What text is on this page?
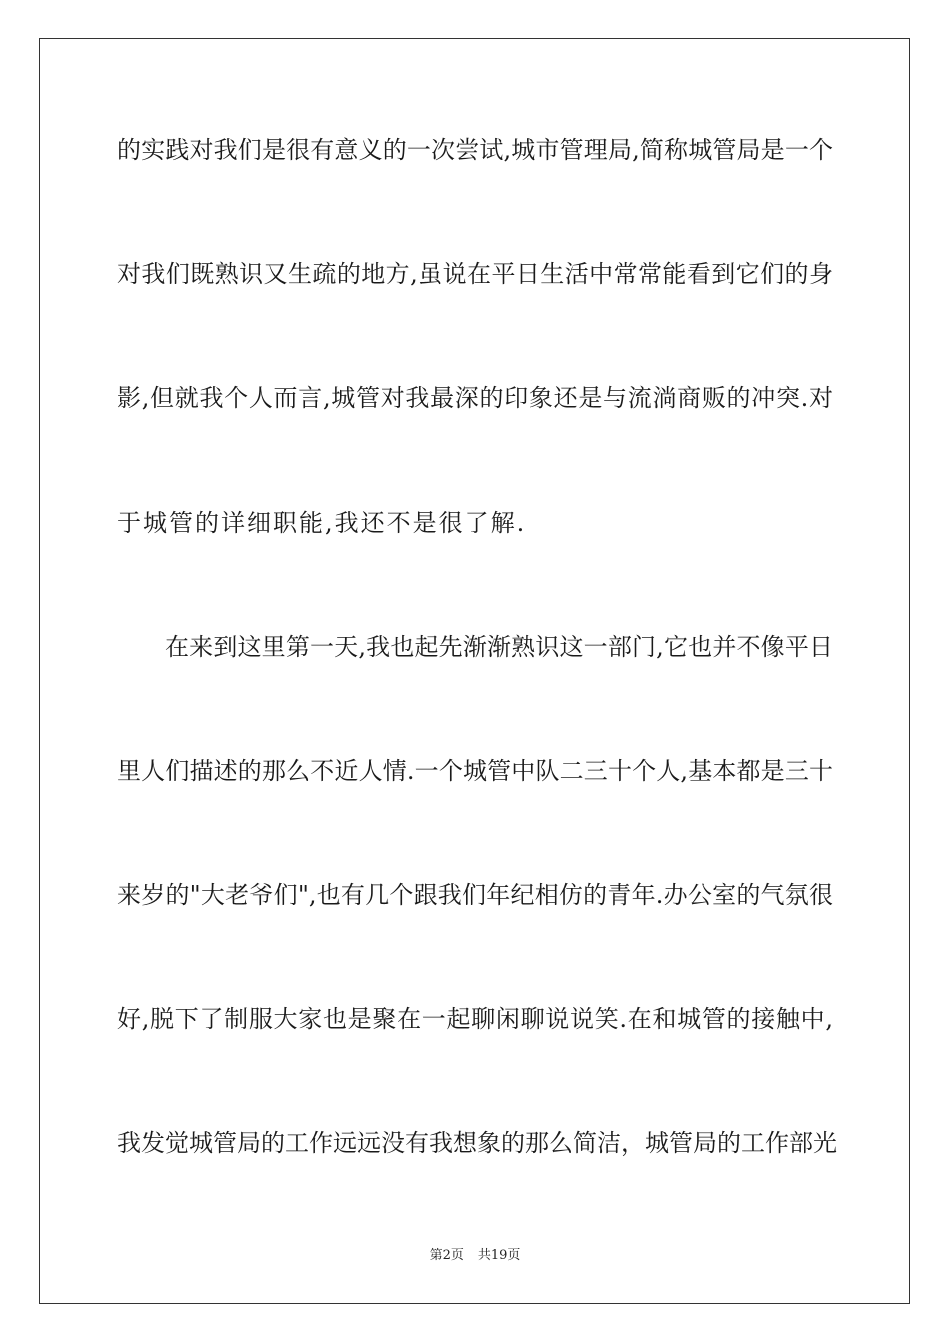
的实践对我们是很有意义的一次尝试,城市管理局,简称城管局是一个
对我们既熟识又生疏的地方,虽说在平日生活中常常能看到它们的身
影,但就我个人而言,城管对我最深的印象还是与流淌商贩的冲突.对
于城管的详细职能,我还不是很了解.
在来到这里第一天,我也起先渐渐熟识这一部门,它也并不像平日
里人们描述的那么不近人情.一个城管中队二三十个人,基本都是三十
来岁的"大老爷们",也有几个跟我们年纪相仿的青年.办公室的气氛很
好,脱下了制服大家也是聚在一起聊闲聊说说笑.在和城管的接触中,
我发觉城管局的工作远远没有我想象的那么简洁，城管局的工作部光
第2页 共19页
